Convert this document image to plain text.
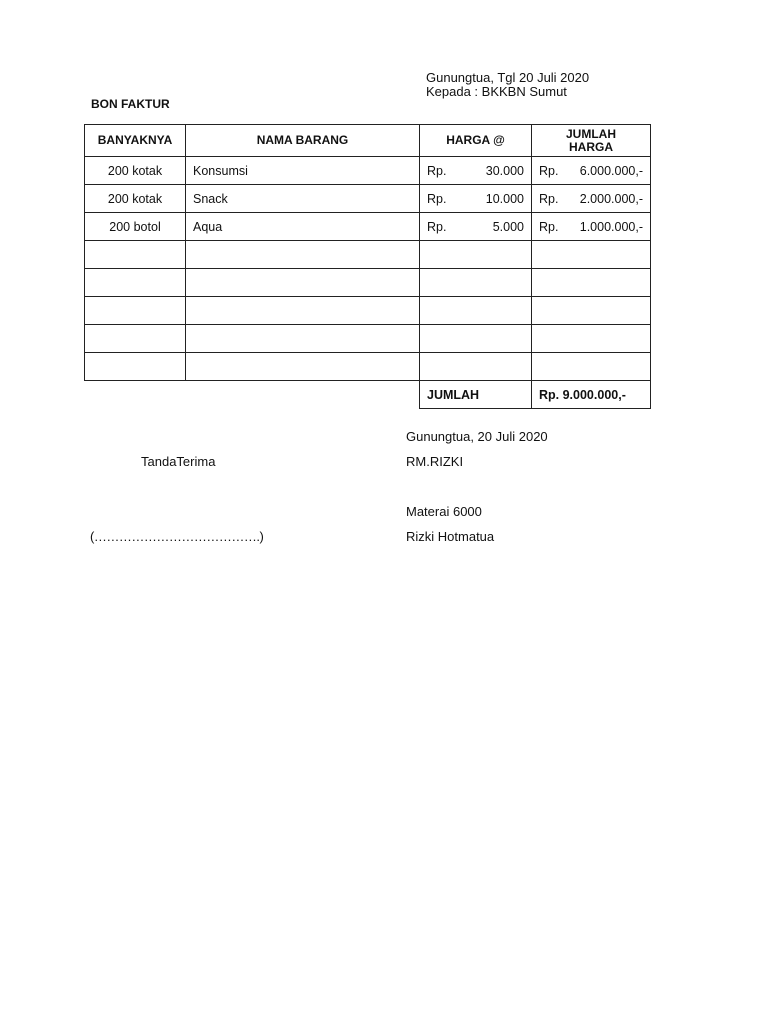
Gunungtua, Tgl 20 Juli 2020
Kepada : BKKBN Sumut
BON FAKTUR
BANYAKNYA	NAMA BARANG	HARGA @	JUMLAH HARGA
200 kotak	Konsumsi	Rp. 30.000	Rp. 6.000.000,-

200 kotak	Snack	Rp. 10.000	Rp. 2.000.000,-

200 botol	Aqua	Rp. 5.000	Rp. 1.000.000,-

		JUMLAH	Rp. 9.000.000,-
Gunungtua, 20 Juli 2020
TandaTerima	RM.RIZKI
Materai 6000
(………………………………….)	Rizki Hotmatua
